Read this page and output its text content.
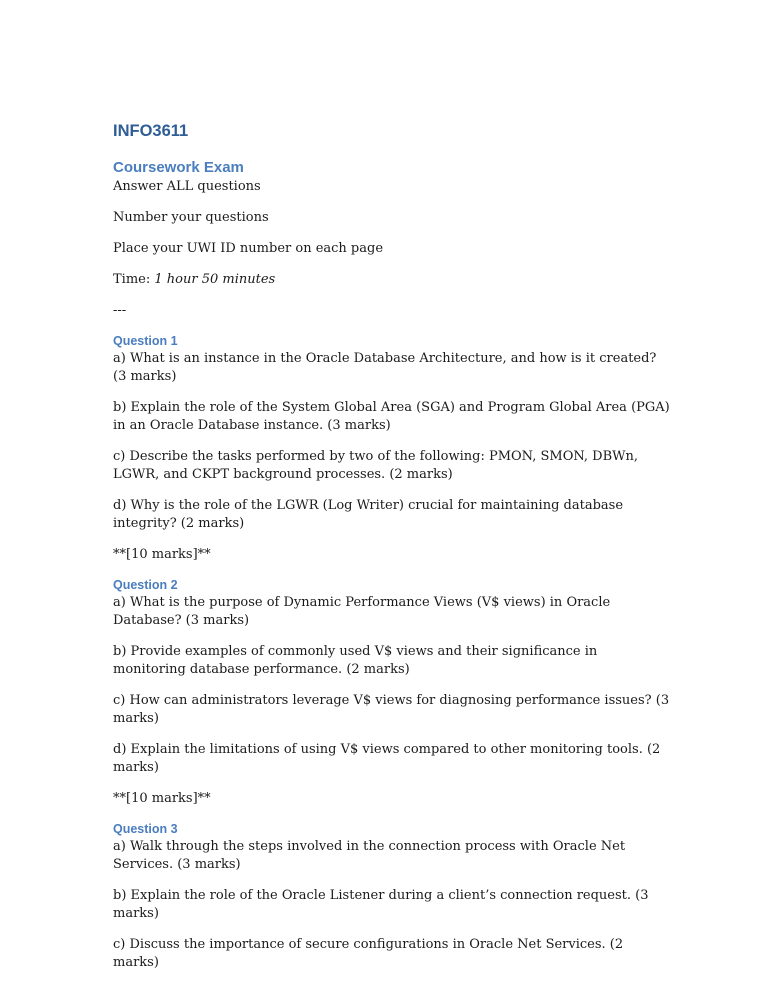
INFO3611
Coursework Exam
Answer ALL questions
Number your questions
Place your UWI ID number on each page
Time: 1 hour 50 minutes
---
Question 1
a) What is an instance in the Oracle Database Architecture, and how is it created? (3 marks)
b) Explain the role of the System Global Area (SGA) and Program Global Area (PGA) in an Oracle Database instance. (3 marks)
c) Describe the tasks performed by two of the following: PMON, SMON, DBWn, LGWR, and CKPT background processes. (2 marks)
d) Why is the role of the LGWR (Log Writer) crucial for maintaining database integrity? (2 marks)
**[10 marks]**
Question 2
a) What is the purpose of Dynamic Performance Views (V$ views) in Oracle Database? (3 marks)
b) Provide examples of commonly used V$ views and their significance in monitoring database performance. (2 marks)
c) How can administrators leverage V$ views for diagnosing performance issues? (3 marks)
d) Explain the limitations of using V$ views compared to other monitoring tools. (2 marks)
**[10 marks]**
Question 3
a) Walk through the steps involved in the connection process with Oracle Net Services. (3 marks)
b) Explain the role of the Oracle Listener during a client’s connection request. (3 marks)
c) Discuss the importance of secure configurations in Oracle Net Services. (2 marks)
